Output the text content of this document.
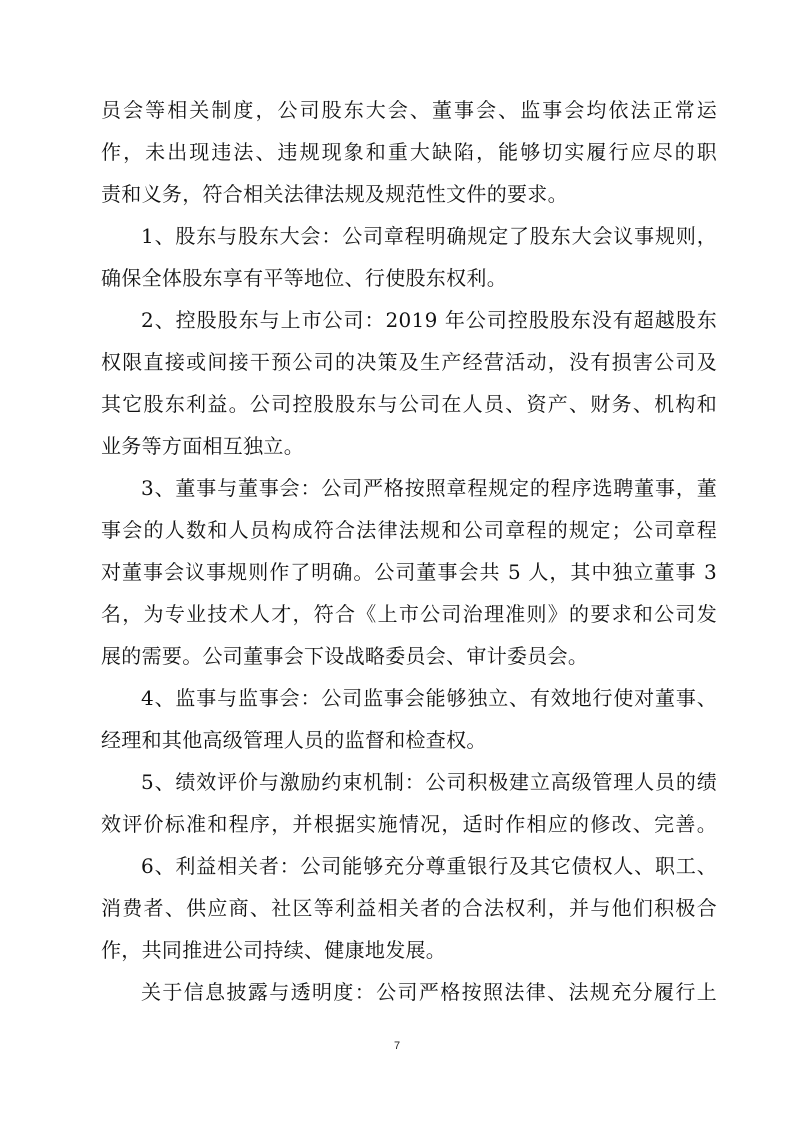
员会等相关制度，公司股东大会、董事会、监事会均依法正常运
作，未出现违法、违规现象和重大缺陷，能够切实履行应尽的职
责和义务，符合相关法律法规及规范性文件的要求。
1、股东与股东大会：公司章程明确规定了股东大会议事规则，
确保全体股东享有平等地位、行使股东权利。
2、控股股东与上市公司：2019 年公司控股股东没有超越股东
权限直接或间接干预公司的决策及生产经营活动，没有损害公司及
其它股东利益。公司控股股东与公司在人员、资产、财务、机构和
业务等方面相互独立。
3、董事与董事会：公司严格按照章程规定的程序选聘董事，董
事会的人数和人员构成符合法律法规和公司章程的规定；公司章程
对董事会议事规则作了明确。公司董事会共 5 人，其中独立董事 3
名，为专业技术人才，符合《上市公司治理准则》的要求和公司发
展的需要。公司董事会下设战略委员会、审计委员会。
4、监事与监事会：公司监事会能够独立、有效地行使对董事、
经理和其他高级管理人员的监督和检查权。
5、绩效评价与激励约束机制：公司积极建立高级管理人员的绩
效评价标准和程序，并根据实施情况，适时作相应的修改、完善。
6、利益相关者：公司能够充分尊重银行及其它债权人、职工、
消费者、供应商、社区等利益相关者的合法权利，并与他们积极合
作，共同推进公司持续、健康地发展。
关于信息披露与透明度：公司严格按照法律、法规充分履行上
7
